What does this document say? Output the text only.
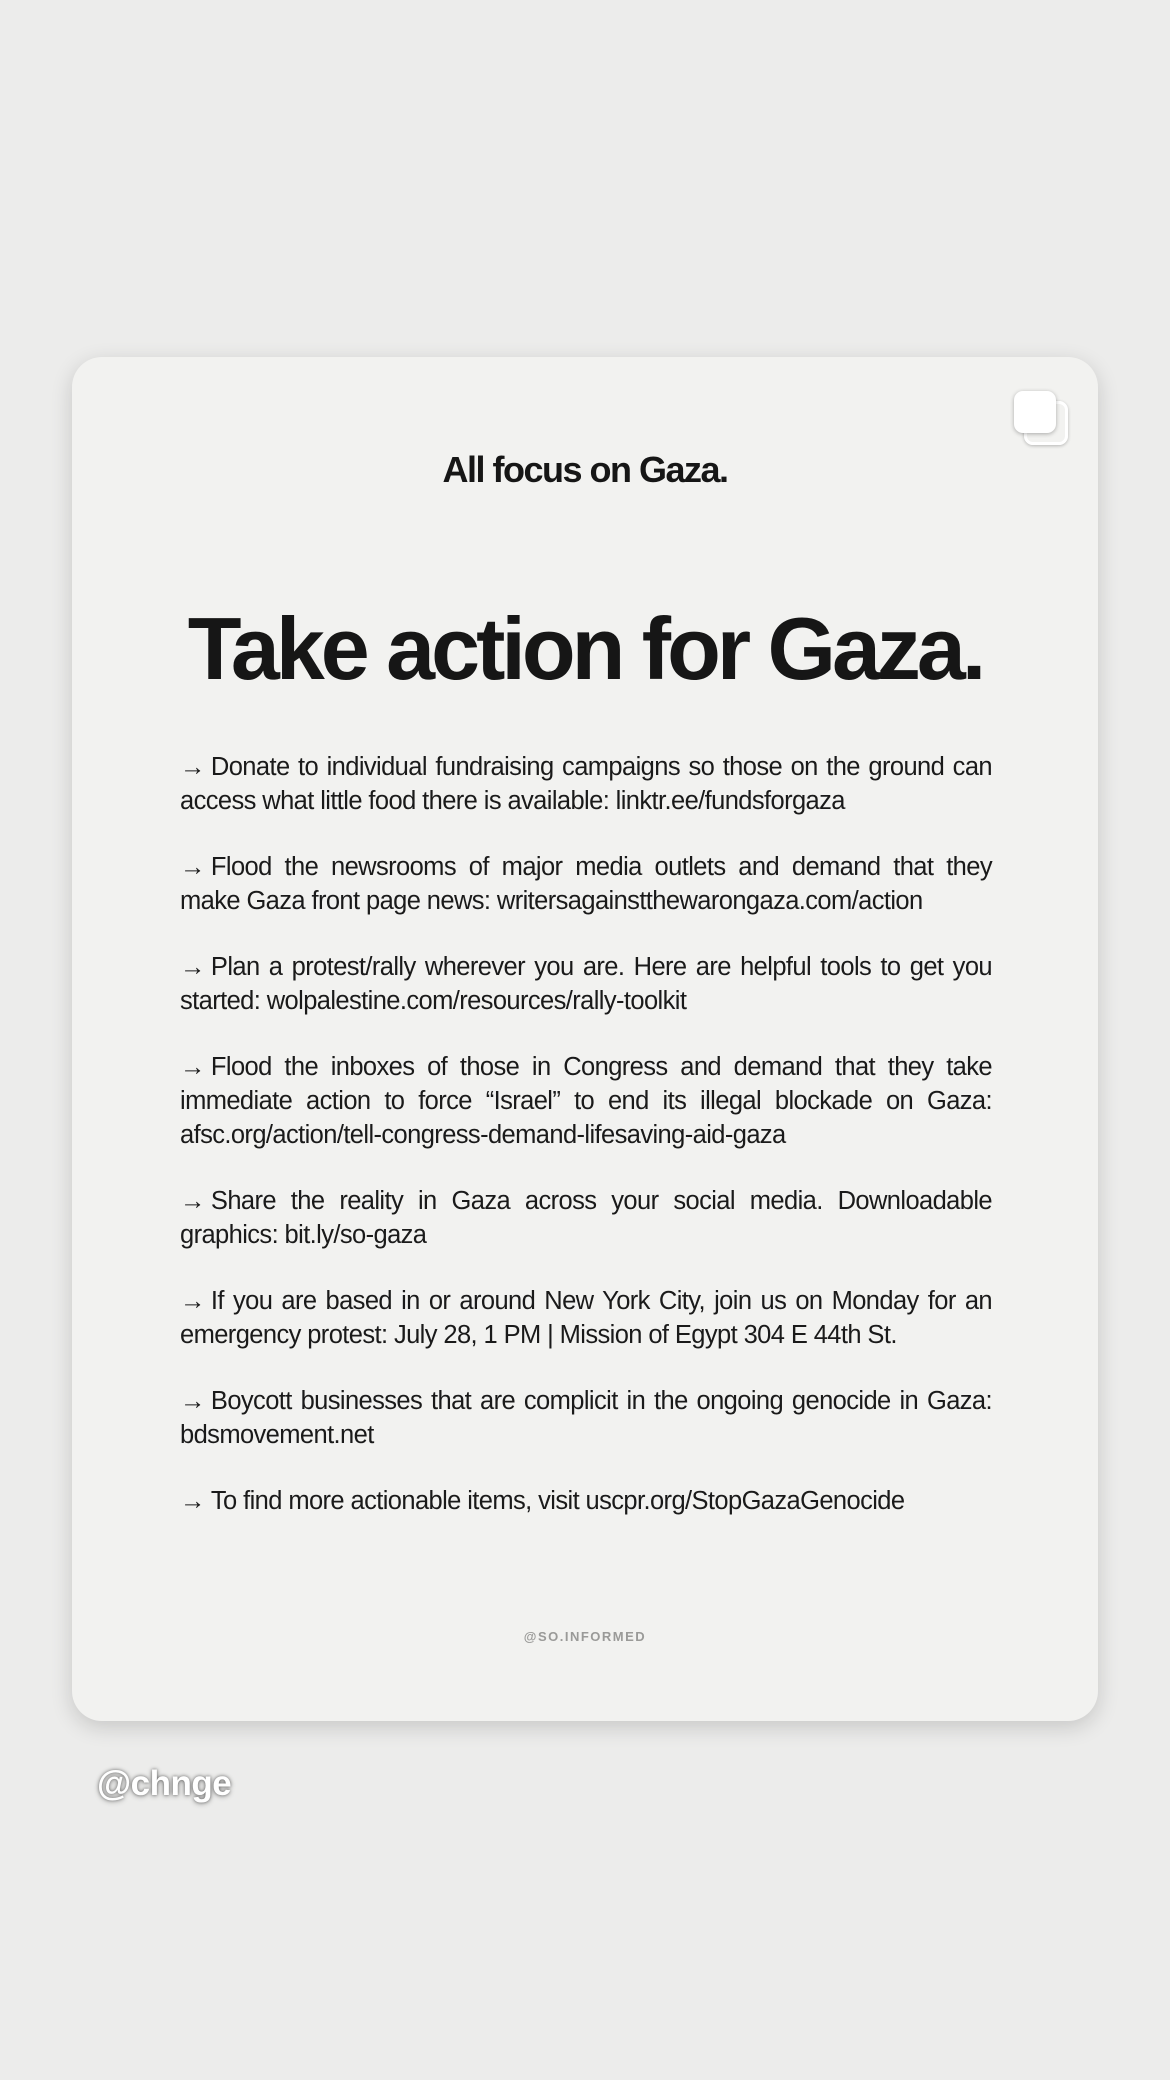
All focus on Gaza.
Take action for Gaza.
→ Donate to individual fundraising campaigns so those on the ground can access what little food there is available: linktr.ee/fundsforgaza
→ Flood the newsrooms of major media outlets and demand that they make Gaza front page news: writersagainstthewarongaza.com/action
→ Plan a protest/rally wherever you are. Here are helpful tools to get you started: wolpalestine.com/resources/rally-toolkit
→ Flood the inboxes of those in Congress and demand that they take immediate action to force “Israel” to end its illegal blockade on Gaza: afsc.org/action/tell-congress-demand-lifesaving-aid-gaza
→ Share the reality in Gaza across your social media. Downloadable graphics: bit.ly/so-gaza
→ If you are based in or around New York City, join us on Monday for an emergency protest: July 28, 1 PM | Mission of Egypt 304 E 44th St.
→ Boycott businesses that are complicit in the ongoing genocide in Gaza: bdsmovement.net
→ To find more actionable items, visit uscpr.org/StopGazaGenocide
@SO.INFORMED
@chnge
